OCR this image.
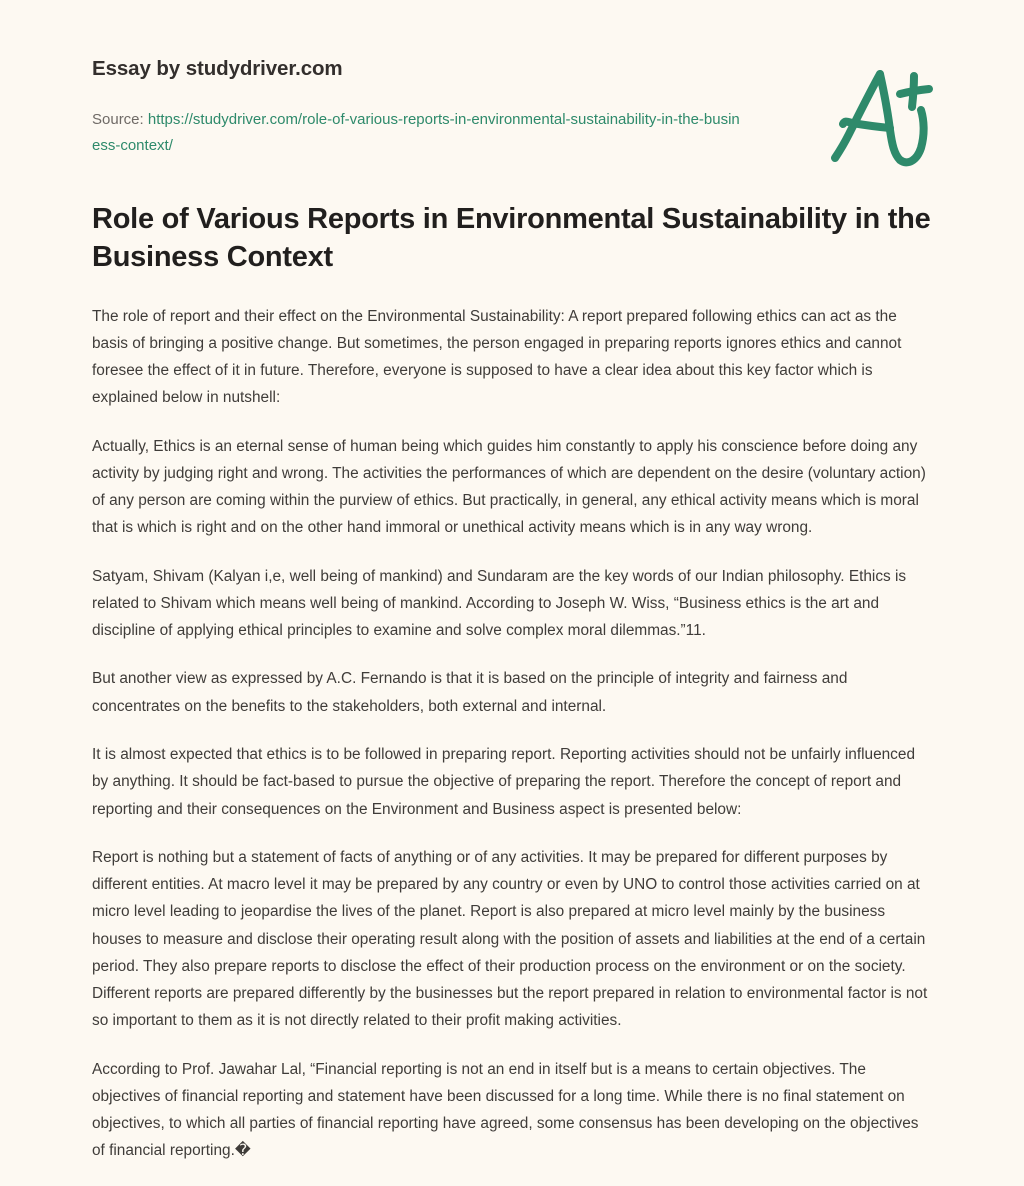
Essay by studydriver.com
Source: https://studydriver.com/role-of-various-reports-in-environmental-sustainability-in-the-business-context/
Role of Various Reports in Environmental Sustainability in the Business Context

The role of report and their effect on the Environmental Sustainability: A report prepared following ethics can act as the basis of bringing a positive change. But sometimes, the person engaged in preparing reports ignores ethics and cannot foresee the effect of it in future. Therefore, everyone is supposed to have a clear idea about this key factor which is explained below in nutshell:

Actually, Ethics is an eternal sense of human being which guides him constantly to apply his conscience before doing any activity by judging right and wrong. The activities the performances of which are dependent on the desire (voluntary action) of any person are coming within the purview of ethics. But practically, in general, any ethical activity means which is moral that is which is right and on the other hand immoral or unethical activity means which is in any way wrong.

Satyam, Shivam (Kalyan i,e, well being of mankind) and Sundaram are the key words of our Indian philosophy. Ethics is related to Shivam which means well being of mankind. According to Joseph W. Wiss, “Business ethics is the art and discipline of applying ethical principles to examine and solve complex moral dilemmas.”11.

But another view as expressed by A.C. Fernando is that it is based on the principle of integrity and fairness and concentrates on the benefits to the stakeholders, both external and internal.

It is almost expected that ethics is to be followed in preparing report. Reporting activities should not be unfairly influenced by anything. It should be fact-based to pursue the objective of preparing the report. Therefore the concept of report and reporting and their consequences on the Environment and Business aspect is presented below:

Report is nothing but a statement of facts of anything or of any activities. It may be prepared for different purposes by different entities. At macro level it may be prepared by any country or even by UNO to control those activities carried on at micro level leading to jeopardise the lives of the planet. Report is also prepared at micro level mainly by the business houses to measure and disclose their operating result along with the position of assets and liabilities at the end of a certain period. They also prepare reports to disclose the effect of their production process on the environment or on the society. Different reports are prepared differently by the businesses but the report prepared in relation to environmental factor is not so important to them as it is not directly related to their profit making activities.

According to Prof. Jawahar Lal, “Financial reporting is not an end in itself but is a means to certain objectives. The objectives of financial reporting and statement have been discussed for a long time. While there is no final statement on objectives, to which all parties of financial reporting have agreed, some consensus has been developing on the objectives of financial reporting.�
